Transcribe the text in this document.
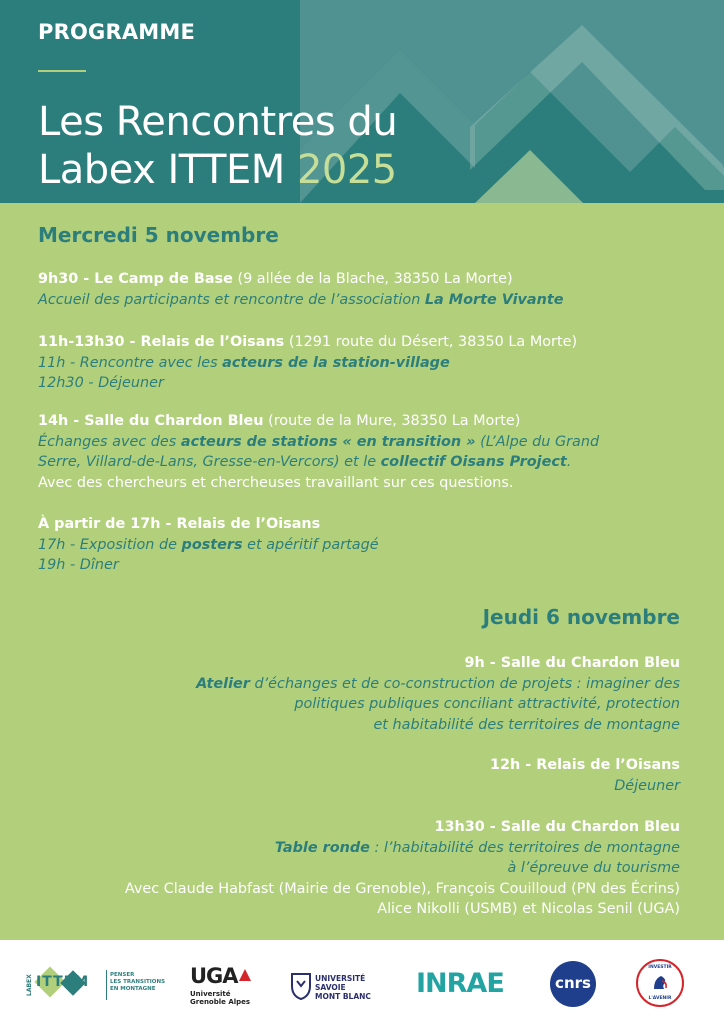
PROGRAMME
Les Rencontres du
Labex ITTEM 2025
Mercredi 5 novembre
9h30 - Le Camp de Base (9 allée de la Blache, 38350 La Morte)
Accueil des participants et rencontre de l’association La Morte Vivante
11h-13h30 - Relais de l’Oisans (1291 route du Désert, 38350 La Morte)
11h - Rencontre avec les acteurs de la station-village
12h30 - Déjeuner
14h - Salle du Chardon Bleu (route de la Mure, 38350 La Morte)
Échanges avec des acteurs de stations « en transition » (L’Alpe du Grand
Serre, Villard-de-Lans, Gresse-en-Vercors) et le collectif Oisans Project.
Avec des chercheurs et chercheuses travaillant sur ces questions.
À partir de 17h - Relais de l’Oisans
17h - Exposition de posters et apéritif partagé
19h - Dîner
Jeudi 6 novembre
9h - Salle du Chardon Bleu
Atelier d’échanges et de co-construction de projets : imaginer des
politiques publiques conciliant attractivité, protection
et habitabilité des territoires de montagne
12h - Relais de l’Oisans
Déjeuner
13h30 - Salle du Chardon Bleu
Table ronde : l’habitabilité des territoires de montagne
à l’épreuve du tourisme
Avec Claude Habfast (Mairie de Grenoble), François Couilloud (PN des Écrins)
Alice Nikolli (USMB) et Nicolas Senil (UGA)
LABEX ITTEM	PENSER
LES TRANSITIONS
EN MONTAGNE
UGA
Université
Grenoble Alpes
UNIVERSITÉ
SAVOIE
MONT BLANC INRAE	cnrs
INVESTIR
L'AVENIR
